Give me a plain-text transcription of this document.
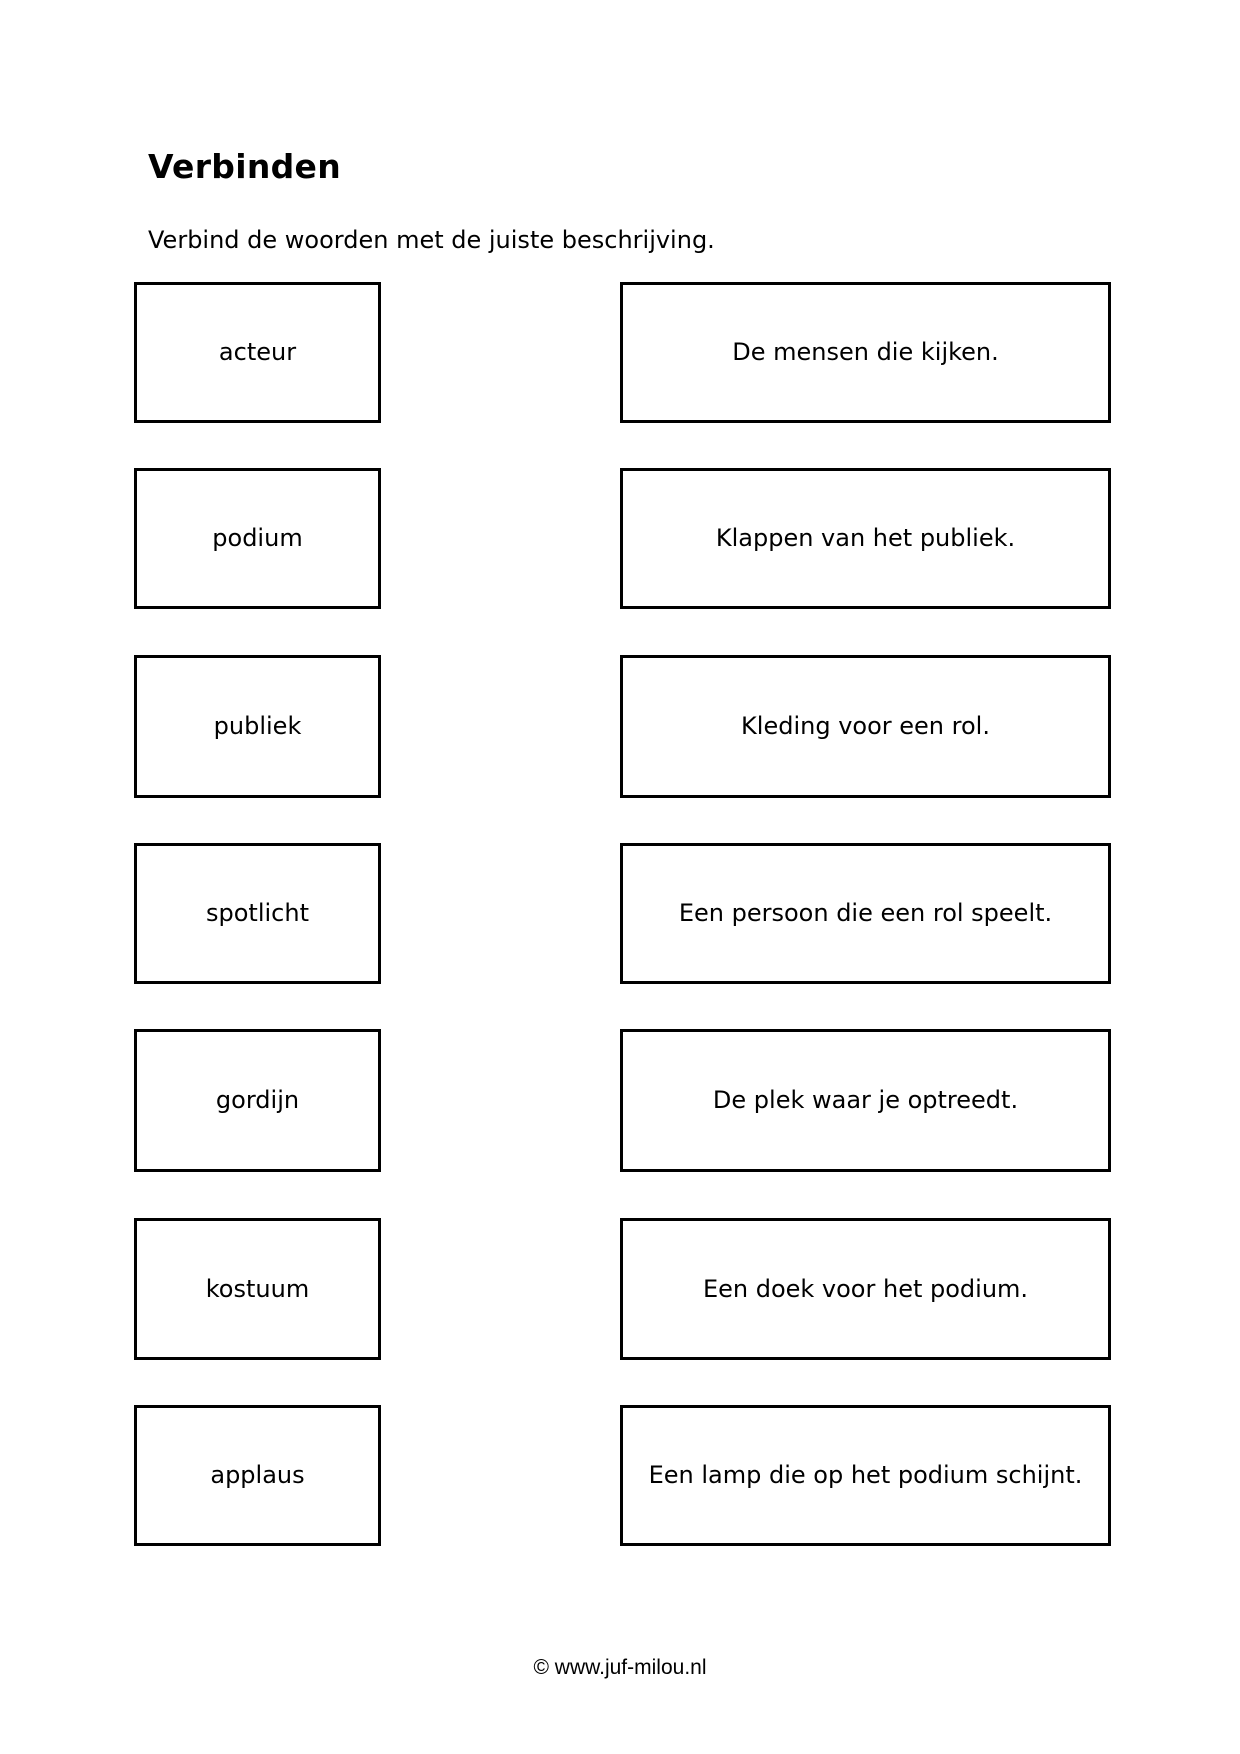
Verbinden
Verbind de woorden met de juiste beschrijving.
acteur	De mensen die kijken.
podium	Klappen van het publiek.
publiek	Kleding voor een rol.
spotlicht	Een persoon die een rol speelt.
gordijn	De plek waar je optreedt.
kostuum	Een doek voor het podium.
applaus	Een lamp die op het podium schijnt.
© www.juf-milou.nl
